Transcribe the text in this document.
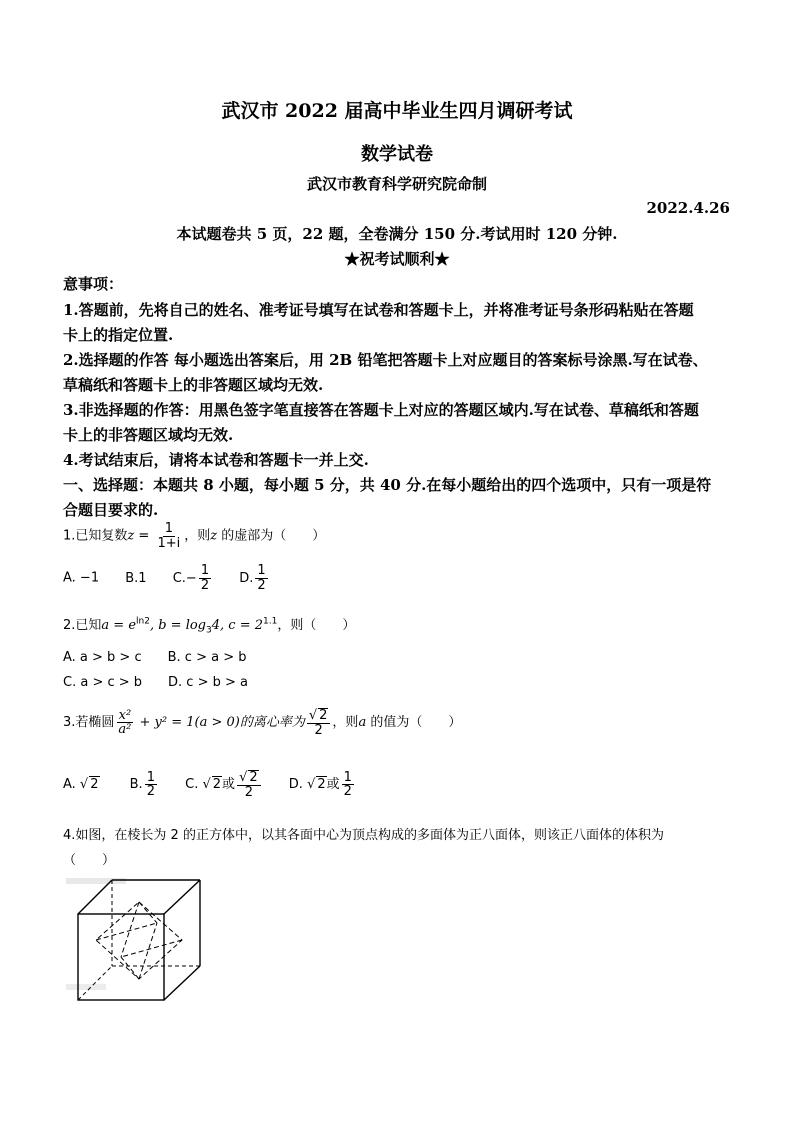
武汉市 2022 届高中毕业生四月调研考试
数学试卷
武汉市教育科学研究院命制
2022.4.26
本试题卷共 5 页，22 题，全卷满分 150 分.考试用时 120 分钟.
★祝考试顺利★
意事项：
1.答题前，先将自己的姓名、准考证号填写在试卷和答题卡上，并将准考证号条形码粘贴在答题
卡上的指定位置.
2.选择题的作答 每小题选出答案后，用 2B 铅笔把答题卡上对应题目的答案标号涂黑.写在试卷、
草稿纸和答题卡上的非答题区域均无效.
3.非选择题的作答：用黑色签字笔直接答在答题卡上对应的答题区域内.写在试卷、草稿纸和答题
卡上的非答题区域均无效.
4.考试结束后，请将本试卷和答题卡一并上交.
一、选择题：本题共 8 小题，每小题 5 分，共 40 分.在每小题给出的四个选项中，只有一项是符
合题目要求的.
1.已知复数$z = \frac{1}{1+i}$ ，则z 的虚部为（　　）
A. −1 B.1 $C.- \frac{1}{2} D$. $\frac{1}{2}$
2.已知$a = e^{ln2}$, $b = \log_34$, $c = 2^{1.1}$，则（　　）
A. a > b > c B. c > a > b
C. a > c > b D. c > b > a
3.若椭圆 $\frac{\text{x²}}{\text{a²}} + y^2 = 1(a > 0)$的离心率为 $\frac{√ 2}{2}$ ，则a 的值为（　　）
A. √ 2 B. $\frac{1}{2} C$. √ 2或 $\frac{√ 2}{2} D$. √ 2或 $\frac{1}{2}$
4.如图，在棱长为 2 的正方体中，以其各面中心为顶点构成的多面体为正八面体，则该正八面体的体积为
（　　）
